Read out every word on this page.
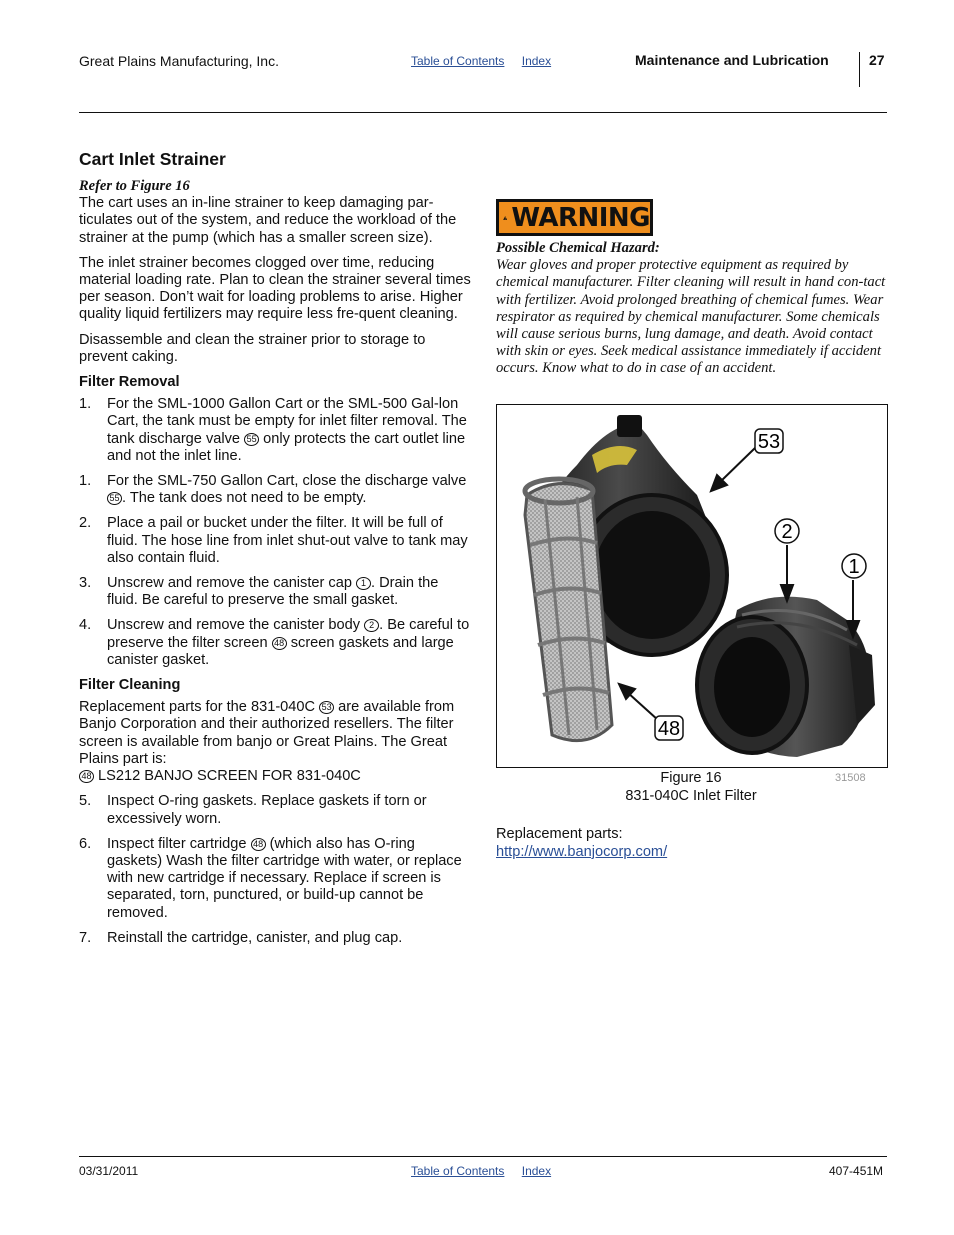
Great Plains Manufacturing, Inc.	Table of Contents Index	Maintenance and Lubrication	27
Cart Inlet Strainer

Refer to Figure 16

The cart uses an in-line strainer to keep damaging par-ticulates out of the system, and reduce the workload of the strainer at the pump (which has a smaller screen size).

The inlet strainer becomes clogged over time, reducing material loading rate. Plan to clean the strainer several times per season. Don’t wait for loading problems to arise. Higher quality liquid fertilizers may require less fre-quent cleaning.

Disassemble and clean the strainer prior to storage to prevent caking.

Filter Removal
1. For the SML-1000 Gallon Cart or the SML-500 Gal-lon Cart, the tank must be empty for inlet filter removal. The tank discharge valve 55 only protects the cart outlet line and not the inlet line.
1. For the SML-750 Gallon Cart, close the discharge valve 55 . The tank does not need to be empty.
2. Place a pail or bucket under the filter. It will be full of fluid. The hose line from inlet shut-out valve to tank may also contain fluid.
3. Unscrew and remove the canister cap 1 . Drain the fluid. Be careful to preserve the small gasket.
4. Unscrew and remove the canister body 2 . Be careful to preserve the filter screen 48 screen gaskets and large canister gasket.
Filter Cleaning

Replacement parts for the 831-040C 53 are available from Banjo Corporation and their authorized resellers. The filter screen is available from banjo or Great Plains. The Great Plains part is:
48 LS212 BANJO SCREEN FOR 831-040C

5. Inspect O-ring gaskets. Replace gaskets if torn or excessively worn.
6. Inspect filter cartridge 48 (which also has O-ring gaskets) Wash the filter cartridge with water, or replace with new cartridge if necessary. Replace if screen is separated, torn, punctured, or build-up cannot be removed.
7. Reinstall the cartridge, canister, and plug cap.
WARNING
Possible Chemical Hazard:
Wear gloves and proper protective equipment as required by chemical manufacturer. Filter cleaning will result in hand con-tact with fertilizer. Avoid prolonged breathing of chemical fumes. Wear respirator as required by chemical manufacturer. Some chemicals will cause serious burns, lung damage, and death. Avoid contact with skin or eyes. Seek medical assistance immediately if accident occurs. Know what to do in case of an accident.
53
2
1
48
Figure 16
831-040C Inlet Filter
31508
Replacement parts:
http://www.banjocorp.com/
03/31/2011	Table of Contents Index	407-451M
